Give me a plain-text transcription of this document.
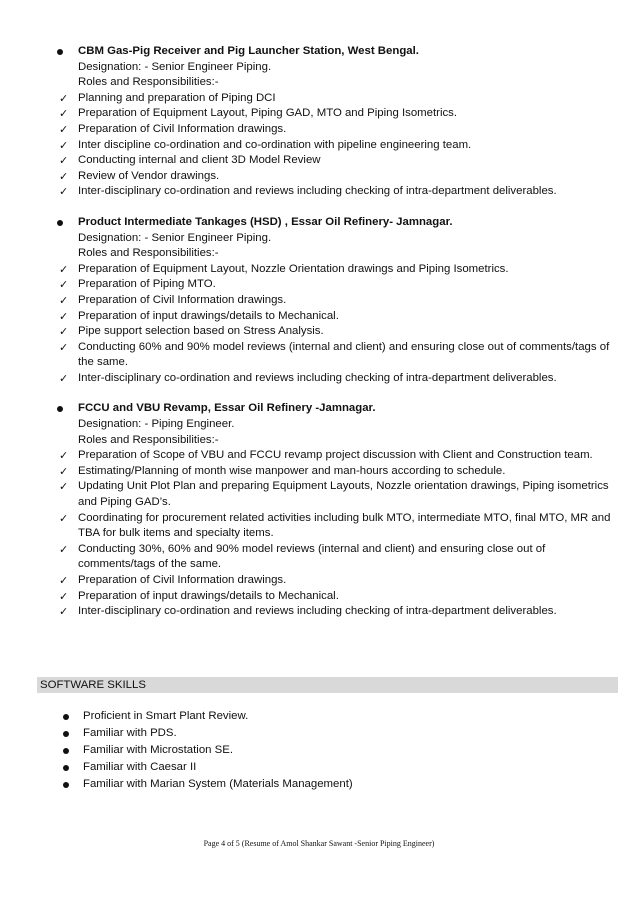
CBM Gas-Pig Receiver and Pig Launcher Station, West Bengal.
Designation: - Senior Engineer Piping.
Roles and Responsibilities:-
✓ Planning and preparation of Piping DCI
✓ Preparation of Equipment Layout, Piping GAD, MTO and Piping Isometrics.
✓ Preparation of Civil Information drawings.
✓ Inter discipline co-ordination and co-ordination with pipeline engineering team.
✓ Conducting internal and client 3D Model Review
✓ Review of Vendor drawings.
✓ Inter-disciplinary co-ordination and reviews including checking of intra-department deliverables.
Product Intermediate Tankages (HSD) , Essar Oil Refinery- Jamnagar.
Designation: - Senior Engineer Piping.
Roles and Responsibilities:-
✓ Preparation of Equipment Layout, Nozzle Orientation drawings and Piping Isometrics.
✓ Preparation of Piping MTO.
✓ Preparation of Civil Information drawings.
✓ Preparation of input drawings/details to Mechanical.
✓ Pipe support selection based on Stress Analysis.
✓ Conducting 60% and 90% model reviews (internal and client) and ensuring close out of comments/tags of the same.
✓ Inter-disciplinary co-ordination and reviews including checking of intra-department deliverables.
FCCU and VBU Revamp, Essar Oil Refinery -Jamnagar.
Designation: - Piping Engineer.
Roles and Responsibilities:-
✓ Preparation of Scope of VBU and FCCU revamp project discussion with Client and Construction team.
✓ Estimating/Planning of month wise manpower and man-hours according to schedule.
✓ Updating Unit Plot Plan and preparing Equipment Layouts, Nozzle orientation drawings, Piping isometrics and Piping GAD’s.
✓ Coordinating for procurement related activities including bulk MTO, intermediate MTO, final MTO, MR and TBA for bulk items and specialty items.
✓ Conducting 30%, 60% and 90% model reviews (internal and client) and ensuring close out of comments/tags of the same.
✓ Preparation of Civil Information drawings.
✓ Preparation of input drawings/details to Mechanical.
✓ Inter-disciplinary co-ordination and reviews including checking of intra-department deliverables.
SOFTWARE SKILLS
Proficient in Smart Plant Review.
Familiar with PDS.
Familiar with Microstation SE.
Familiar with Caesar II
Familiar with Marian System (Materials Management)
Page 4 of 5 (Resume of Amol Shankar Sawant -Senior Piping Engineer)
